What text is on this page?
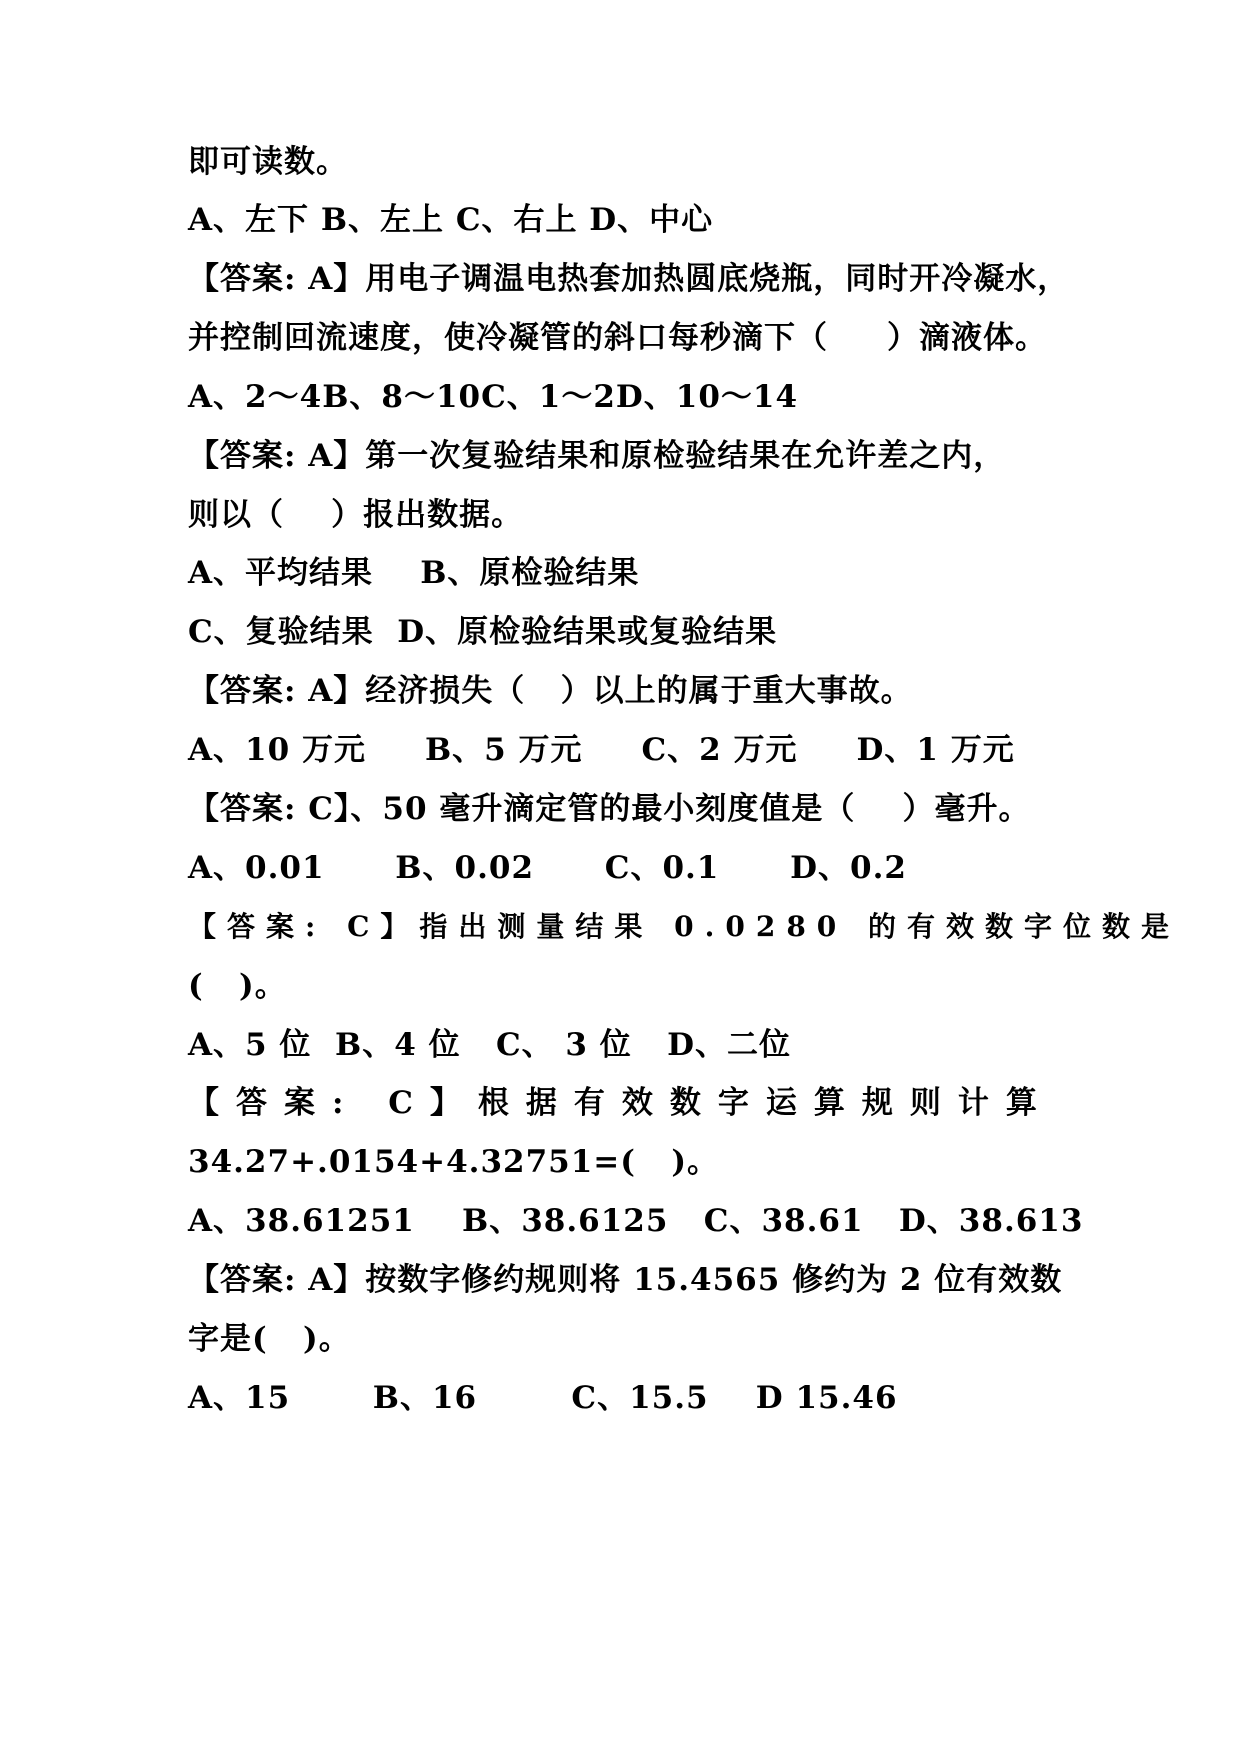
即可读数。
A、左下 B、左上 C、右上 D、中心
【答案: A】用电子调温电热套加热圆底烧瓶，同时开冷凝水，
并控制回流速度，使冷凝管的斜口每秒滴下（     ）滴液体。
A、2～4B、8～10C、1～2D、10～14
【答案: A】第一次复验结果和原检验结果在允许差之内，
则以（    ）报出数据。
A、平均结果    B、原检验结果
C、复验结果  D、原检验结果或复验结果
【答案: A】经济损失（   ）以上的属于重大事故。
A、10 万元     B、5 万元     C、2 万元     D、1 万元
【答案: C】、50 毫升滴定管的最小刻度值是（    ）毫升。
A、0.01      B、0.02      C、0.1      D、0.2
【答案: C】指出测量结果 0.0280 的有效数字位数是
(   )。
A、5 位  B、4 位   C、 3 位   D、二位
【答案: C】根据有效数字运算规则计算
34.27+.0154+4.32751=(   )。
A、38.61251    B、38.6125   C、38.61   D、38.613
【答案: A】按数字修约规则将 15.4565 修约为 2 位有效数
字是(   )。
A、15       B、16        C、15.5    D 15.46
